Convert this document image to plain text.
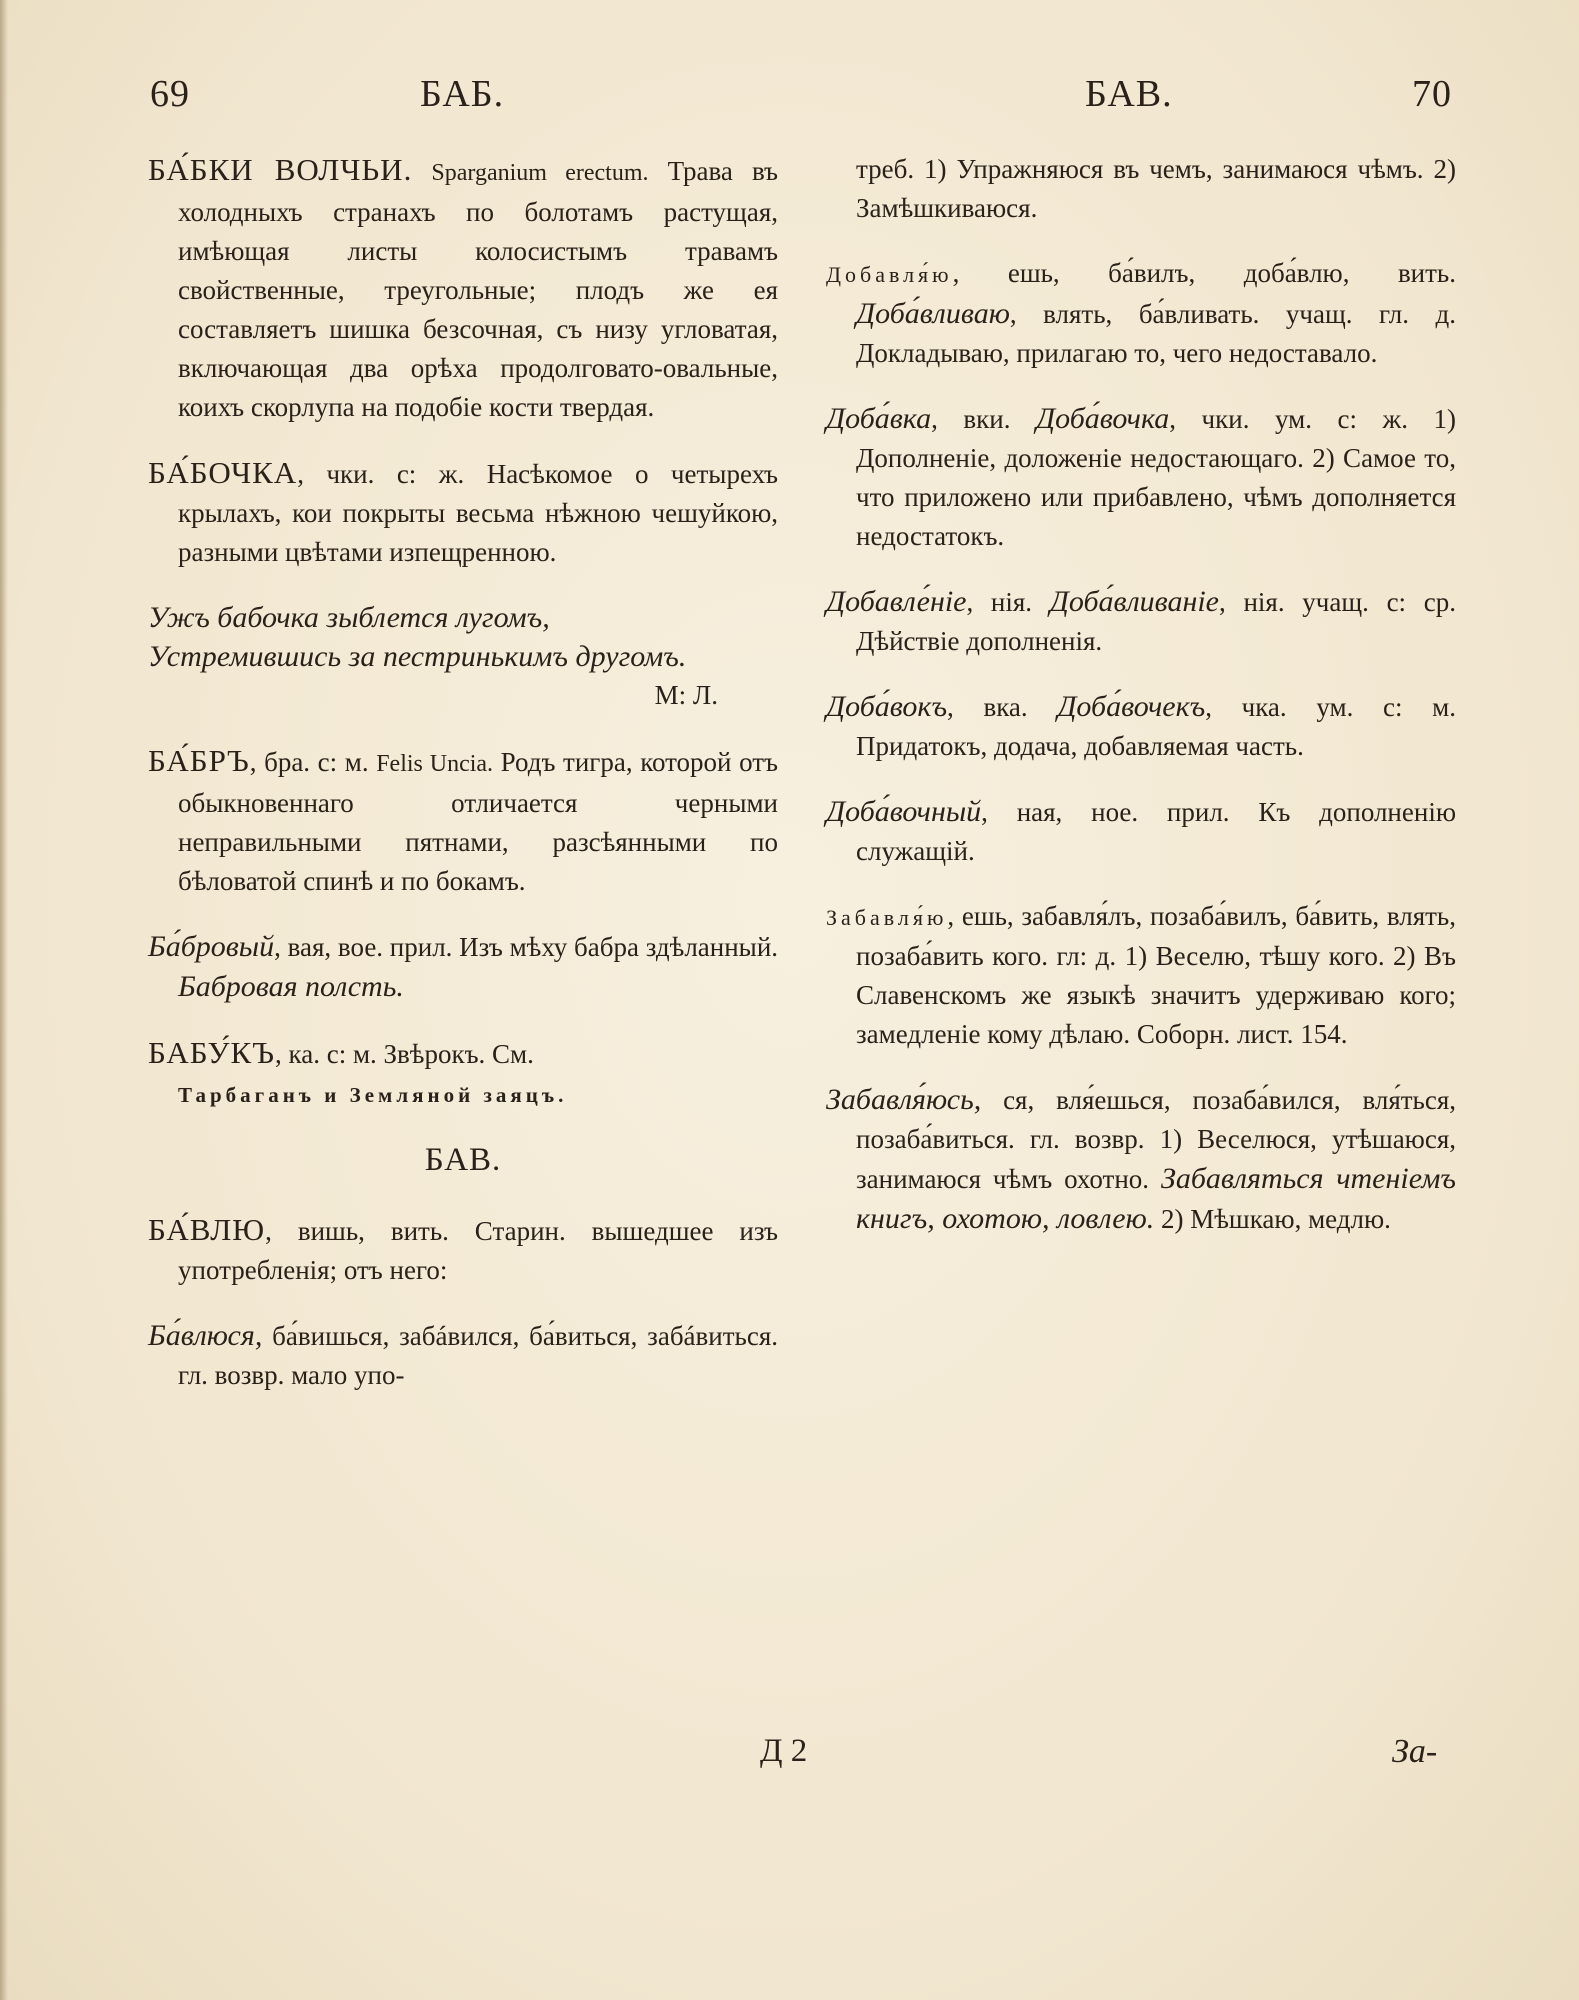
69	БАБ.	БАВ.	70

БА́БКИ ВОЛЧЬИ. Sparganium erectum. Трава въ холодныхъ странахъ по болотамъ растущая, имѣющая листы колосистымъ травамъ свойственные, треугольные; плодъ же ея составляетъ шишка безсочная, съ низу угловатая, включающая два орѣха продолговато-овальные, коихъ скорлупа на подобіе кости твердая.

БА́БОЧКА, чки. с: ж. Насѣкомое о четырехъ крылахъ, кои покрыты весьма нѣжною чешуйкою, разными цвѣтами изпещренною.

Ужъ бабочка зыблется лугомъ,

Устремившись за пестринькимъ другомъ.

М: Л.

БА́БРЪ, бра. с: м. Felis Uncia. Родъ тигра, которой отъ обыкновеннаго отличается черными неправильными пятнами, разсѣянными по бѣловатой спинѣ и по бокамъ.

Ба́бровый, вая, вое. прил. Изъ мѣху бабра здѣланный. Бабровая полсть.

БАБУ́КЪ, ка. с: м. Звѣрокъ. См.
Тарбаганъ и Земляной заяцъ.

БАВ.

БА́ВЛЮ, вишь, вить. Старин. вышедшее изъ употребленія; отъ него:

Ба́влюся, ба́вишься, забáвился, ба́виться, забáвиться. гл. возвр. мало упо-

треб. 1) Упражняюся въ чемъ, занимаюся чѣмъ. 2) Замѣшкиваюся.

Добавля́ю, ешь, ба́вилъ, доба́влю, вить. Доба́вливаю, влять, ба́вливать. учащ. гл. д. Докладываю, прилагаю то, чего недоставало.

Доба́вка, вки. Доба́вочка, чки. ум. с: ж. 1) Дополненіе, доложеніе недостающаго. 2) Самое то, что приложено или прибавлено, чѣмъ дополняется недостатокъ.

Добавле́ніе, нія. Доба́вливаніе, нія. учащ. с: ср. Дѣйствіе дополненія.

Доба́вокъ, вка. Доба́вочекъ, чка. ум. с: м. Придатокъ, додача, добавляемая часть.

Доба́вочный, ная, ное. прил. Къ дополненію служащій.

Забавля́ю, ешь, забавля́лъ, позаба́вилъ, ба́вить, влять, позаба́вить кого. гл: д. 1) Веселю, тѣшу кого. 2) Въ Славенскомъ же языкѣ значитъ удерживаю кого; замедленіе кому дѣлаю. Соборн. лист. 154.

Забавля́юсь, ся, вля́ешься, позаба́вился, вля́ться, позаба́виться. гл. возвр. 1) Веселюся, утѣшаюся, занимаюся чѣмъ охотно. Забавляться чтеніемъ книгъ, охотою, ловлею. 2) Мѣшкаю, медлю.

Д 2	За-
